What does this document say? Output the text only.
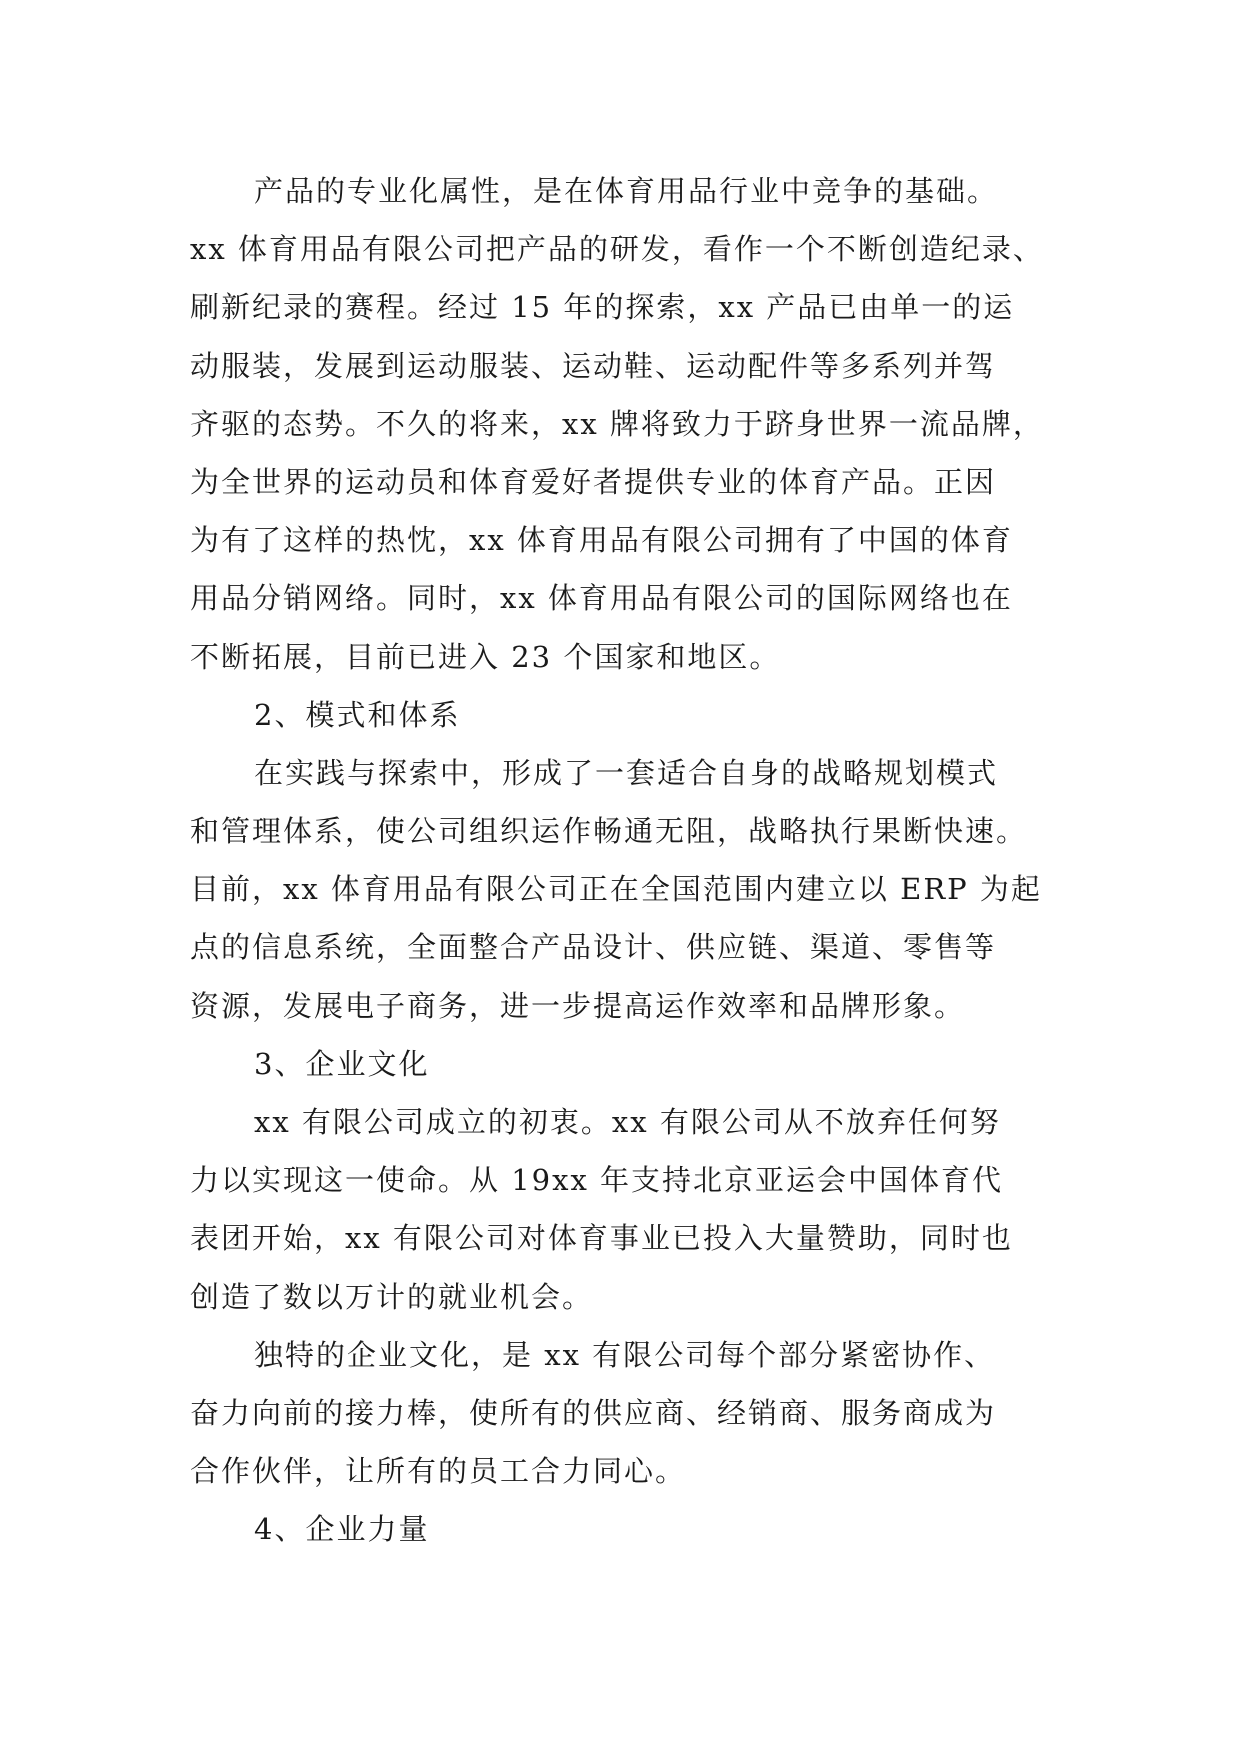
产品的专业化属性，是在体育用品行业中竞争的基础。
xx 体育用品有限公司把产品的研发，看作一个不断创造纪录、
刷新纪录的赛程。经过 15 年的探索，xx 产品已由单一的运
动服装，发展到运动服装、运动鞋、运动配件等多系列并驾
齐驱的态势。不久的将来，xx 牌将致力于跻身世界一流品牌，
为全世界的运动员和体育爱好者提供专业的体育产品。正因
为有了这样的热忱，xx 体育用品有限公司拥有了中国的体育
用品分销网络。同时，xx 体育用品有限公司的国际网络也在
不断拓展，目前已进入 23 个国家和地区。
2、模式和体系
在实践与探索中，形成了一套适合自身的战略规划模式
和管理体系，使公司组织运作畅通无阻，战略执行果断快速。
目前，xx 体育用品有限公司正在全国范围内建立以 ERP 为起
点的信息系统，全面整合产品设计、供应链、渠道、零售等
资源，发展电子商务，进一步提高运作效率和品牌形象。
3、企业文化
xx 有限公司成立的初衷。xx 有限公司从不放弃任何努
力以实现这一使命。从 19xx 年支持北京亚运会中国体育代
表团开始，xx 有限公司对体育事业已投入大量赞助，同时也
创造了数以万计的就业机会。
独特的企业文化，是 xx 有限公司每个部分紧密协作、
奋力向前的接力棒，使所有的供应商、经销商、服务商成为
合作伙伴，让所有的员工合力同心。
4、企业力量
